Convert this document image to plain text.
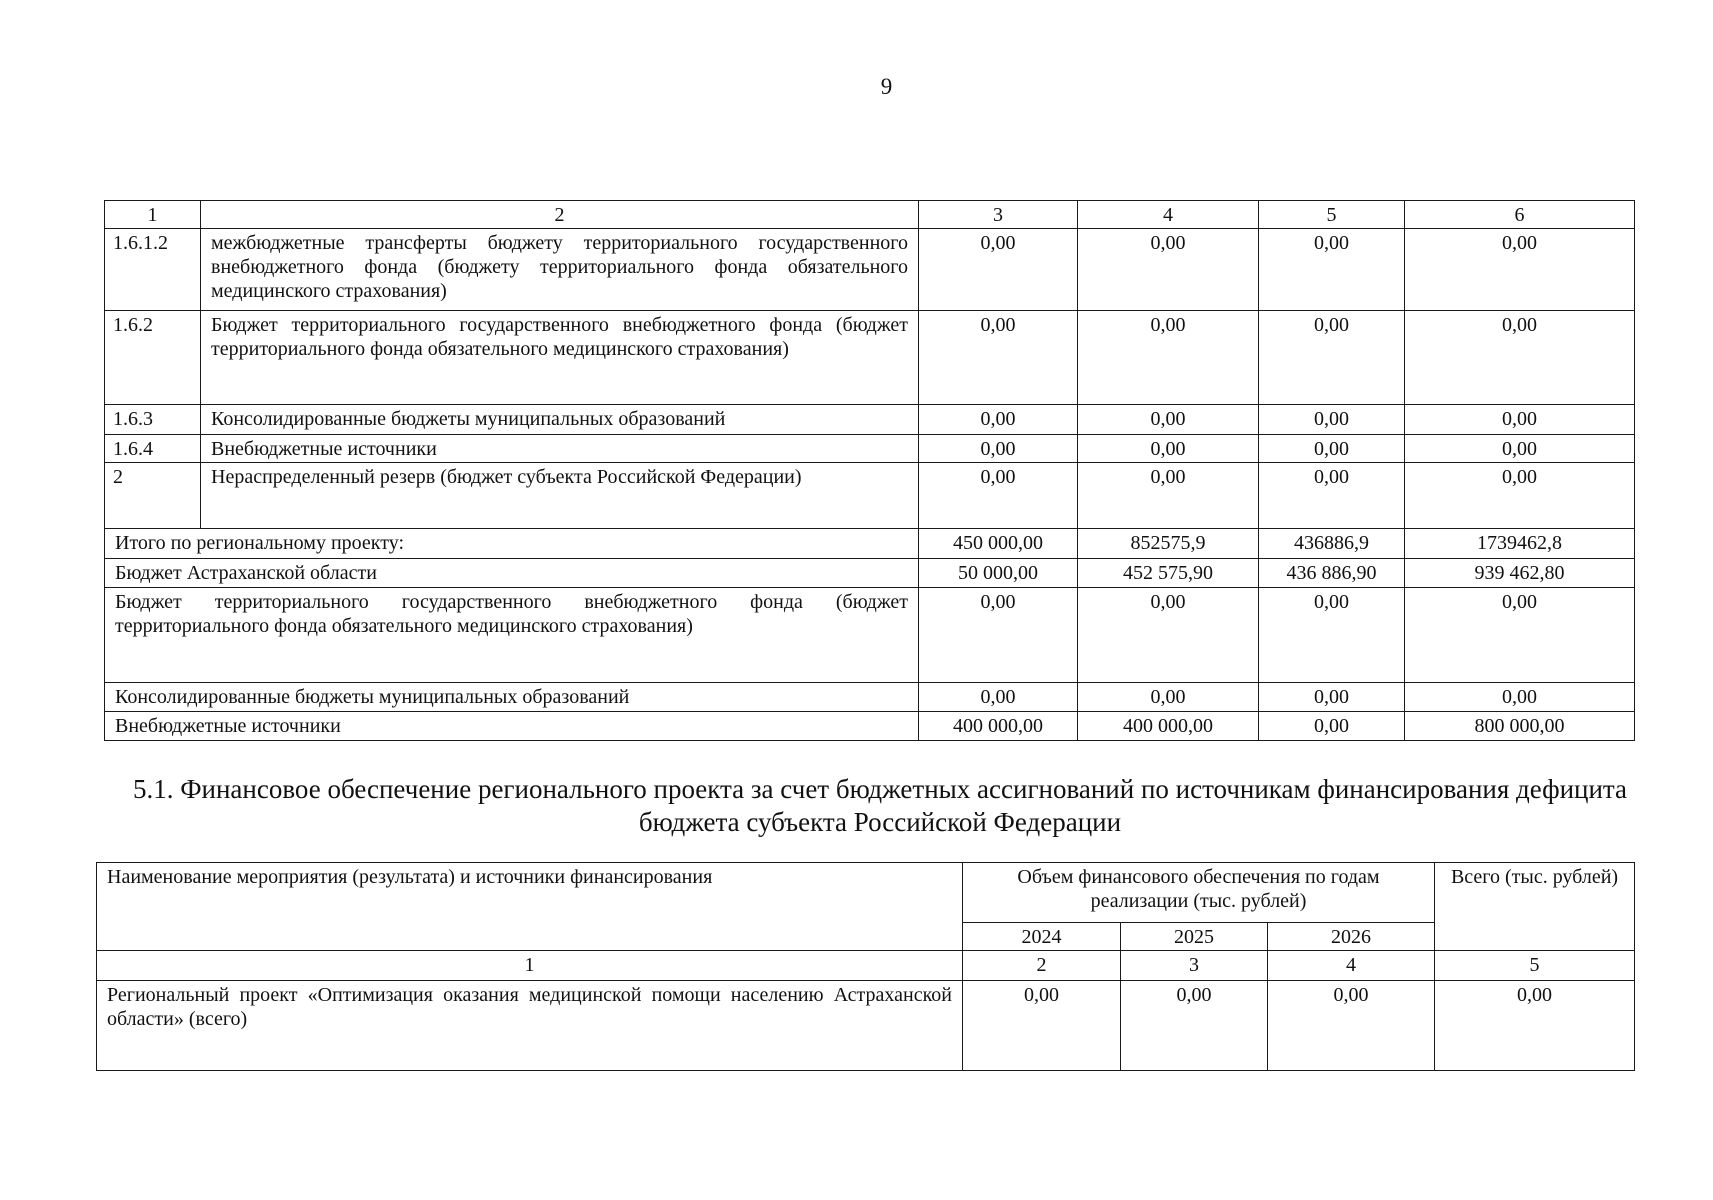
9
1	2	3	4	5	6
1.6.1.2	межбюджетные трансферты бюджету территориального государственного внебюджетного фонда (бюджету территориального фонда обязательного медицинского страхования)	0,00	0,00	0,00	0,00
1.6.2	Бюджет территориального государственного внебюджетного фонда (бюджет территориального фонда обязательного медицинского страхования)	0,00	0,00	0,00	0,00
1.6.3	Консолидированные бюджеты муниципальных образований	0,00	0,00	0,00	0,00
1.6.4	Внебюджетные источники	0,00	0,00	0,00	0,00
2	Нераспределенный резерв (бюджет субъекта Российской Федерации)	0,00	0,00	0,00	0,00
Итого по региональному проекту:		450 000,00	852575,9	436886,9	1739462,8
Бюджет Астраханской области		50 000,00	452 575,90	436 886,90	939 462,80
Бюджет территориального государственного внебюджетного фонда (бюджет территориального фонда обязательного медицинского страхования)		0,00	0,00	0,00	0,00
Консолидированные бюджеты муниципальных образований		0,00	0,00	0,00	0,00
Внебюджетные источники		400 000,00	400 000,00	0,00	800 000,00
5.1. Финансовое обеспечение регионального проекта за счет бюджетных ассигнований по источникам финансирования дефицита бюджета субъекта Российской Федерации
Наименование мероприятия (результата) и источники финансирования	Объем финансового обеспечения по годам реализации (тыс. рублей)			Всего (тыс. рублей)
	2024	2025	2026	
1	2	3	4	5
Региональный проект «Оптимизация оказания медицинской помощи населению Астраханской области» (всего)	0,00	0,00	0,00	0,00
